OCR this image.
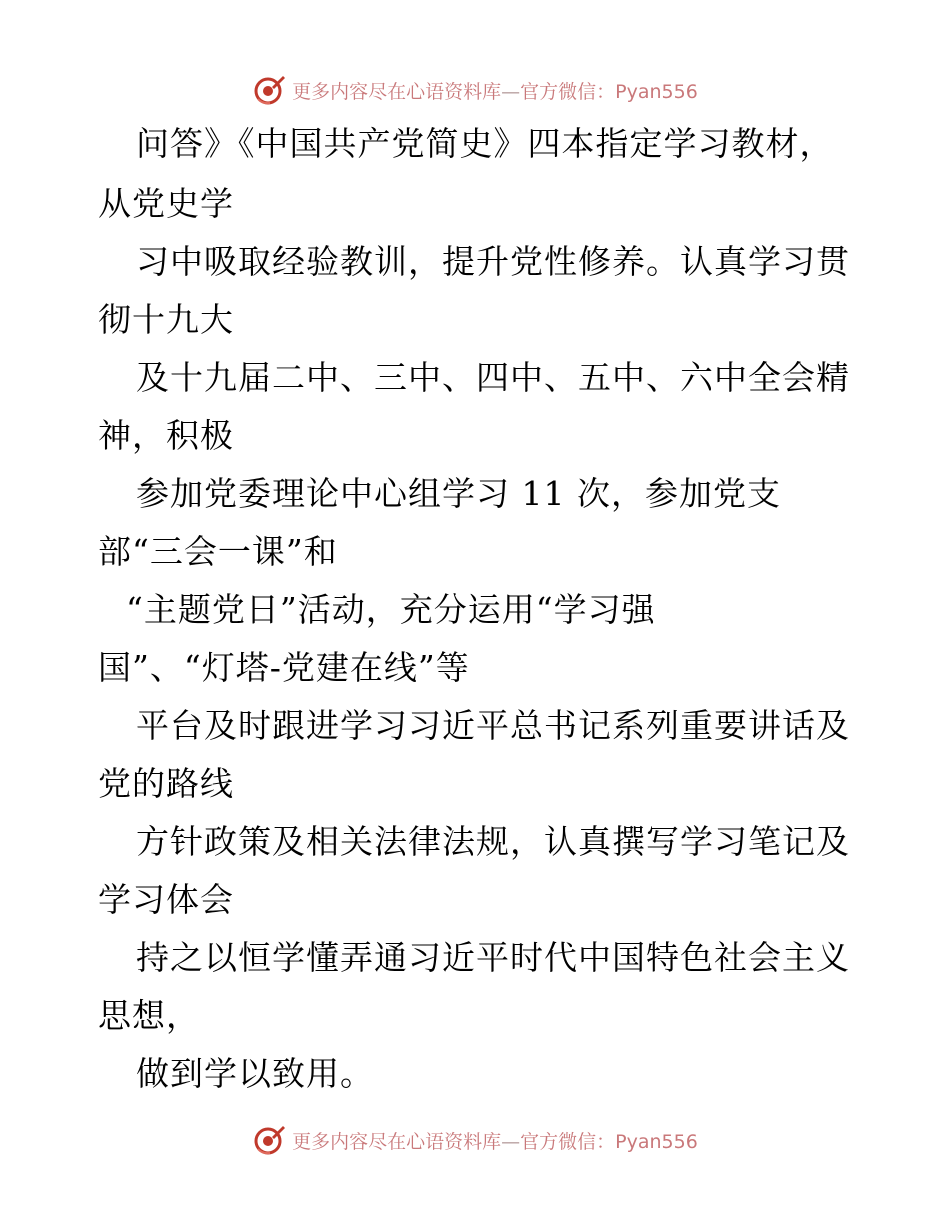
更多内容尽在心语资料库—官方微信：Pyan556
问答》《中国共产党简史》四本指定学习教材，
从党史学
习中吸取经验教训，提升党性修养。认真学习贯
彻十九大
及十九届二中、三中、四中、五中、六中全会精
神，积极
参加党委理论中心组学习 11 次，参加党支
部“三会一课”和
“主题党日”活动，充分运用“学习强
国”、“灯塔-党建在线”等
平台及时跟进学习习近平总书记系列重要讲话及
党的路线
方针政策及相关法律法规，认真撰写学习笔记及
学习体会
持之以恒学懂弄通习近平时代中国特色社会主义
思想，
做到学以致用。
更多内容尽在心语资料库—官方微信：Pyan556
